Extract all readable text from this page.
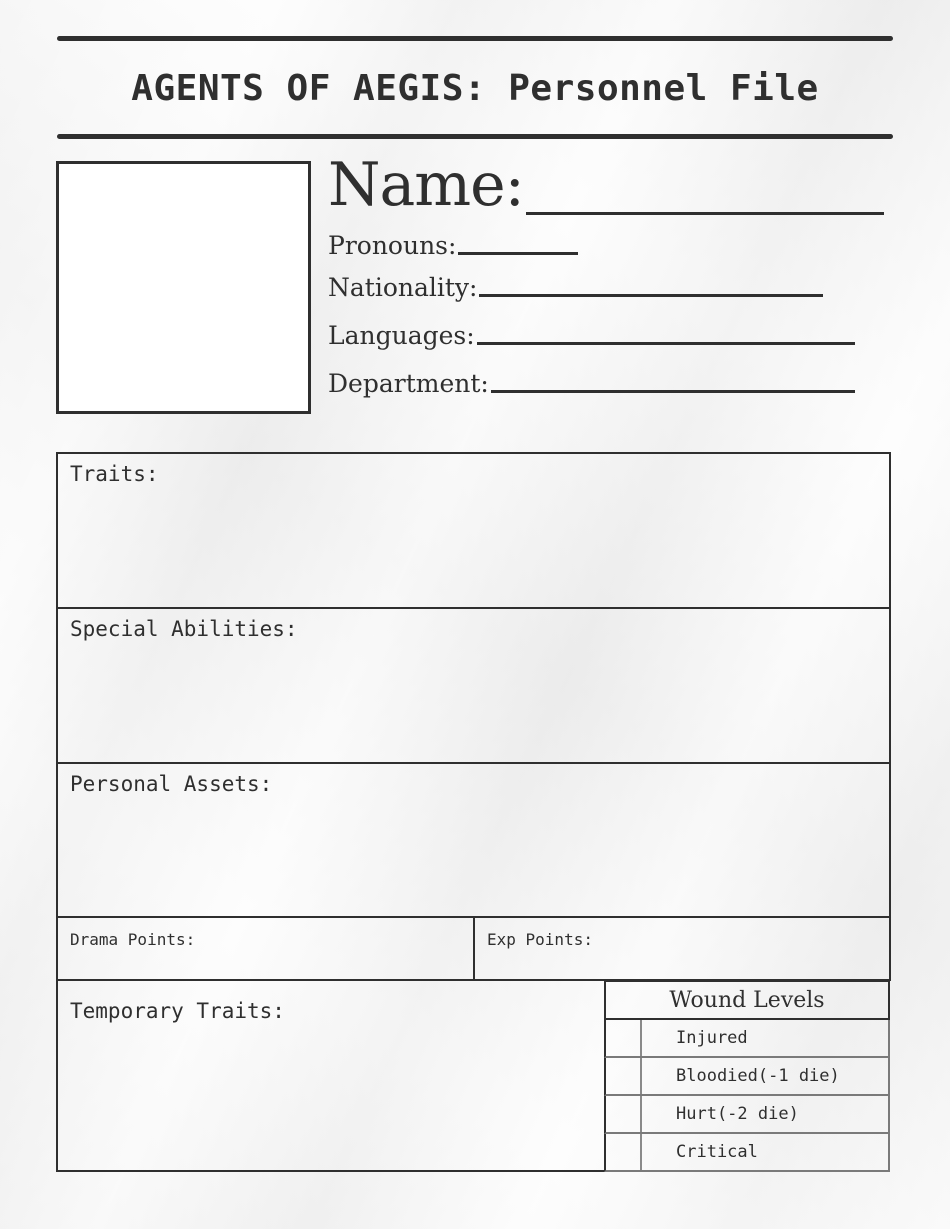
AGENTS OF AEGIS: Personnel File
Name:
Pronouns:
Nationality:
Languages:
Department:
Traits:
Special Abilities:
Personal Assets:
Drama Points:	Exp Points:
Temporary Traits:	Wound Levels
Injured
Bloodied(-1 die)
Hurt(-2 die)
Critical
